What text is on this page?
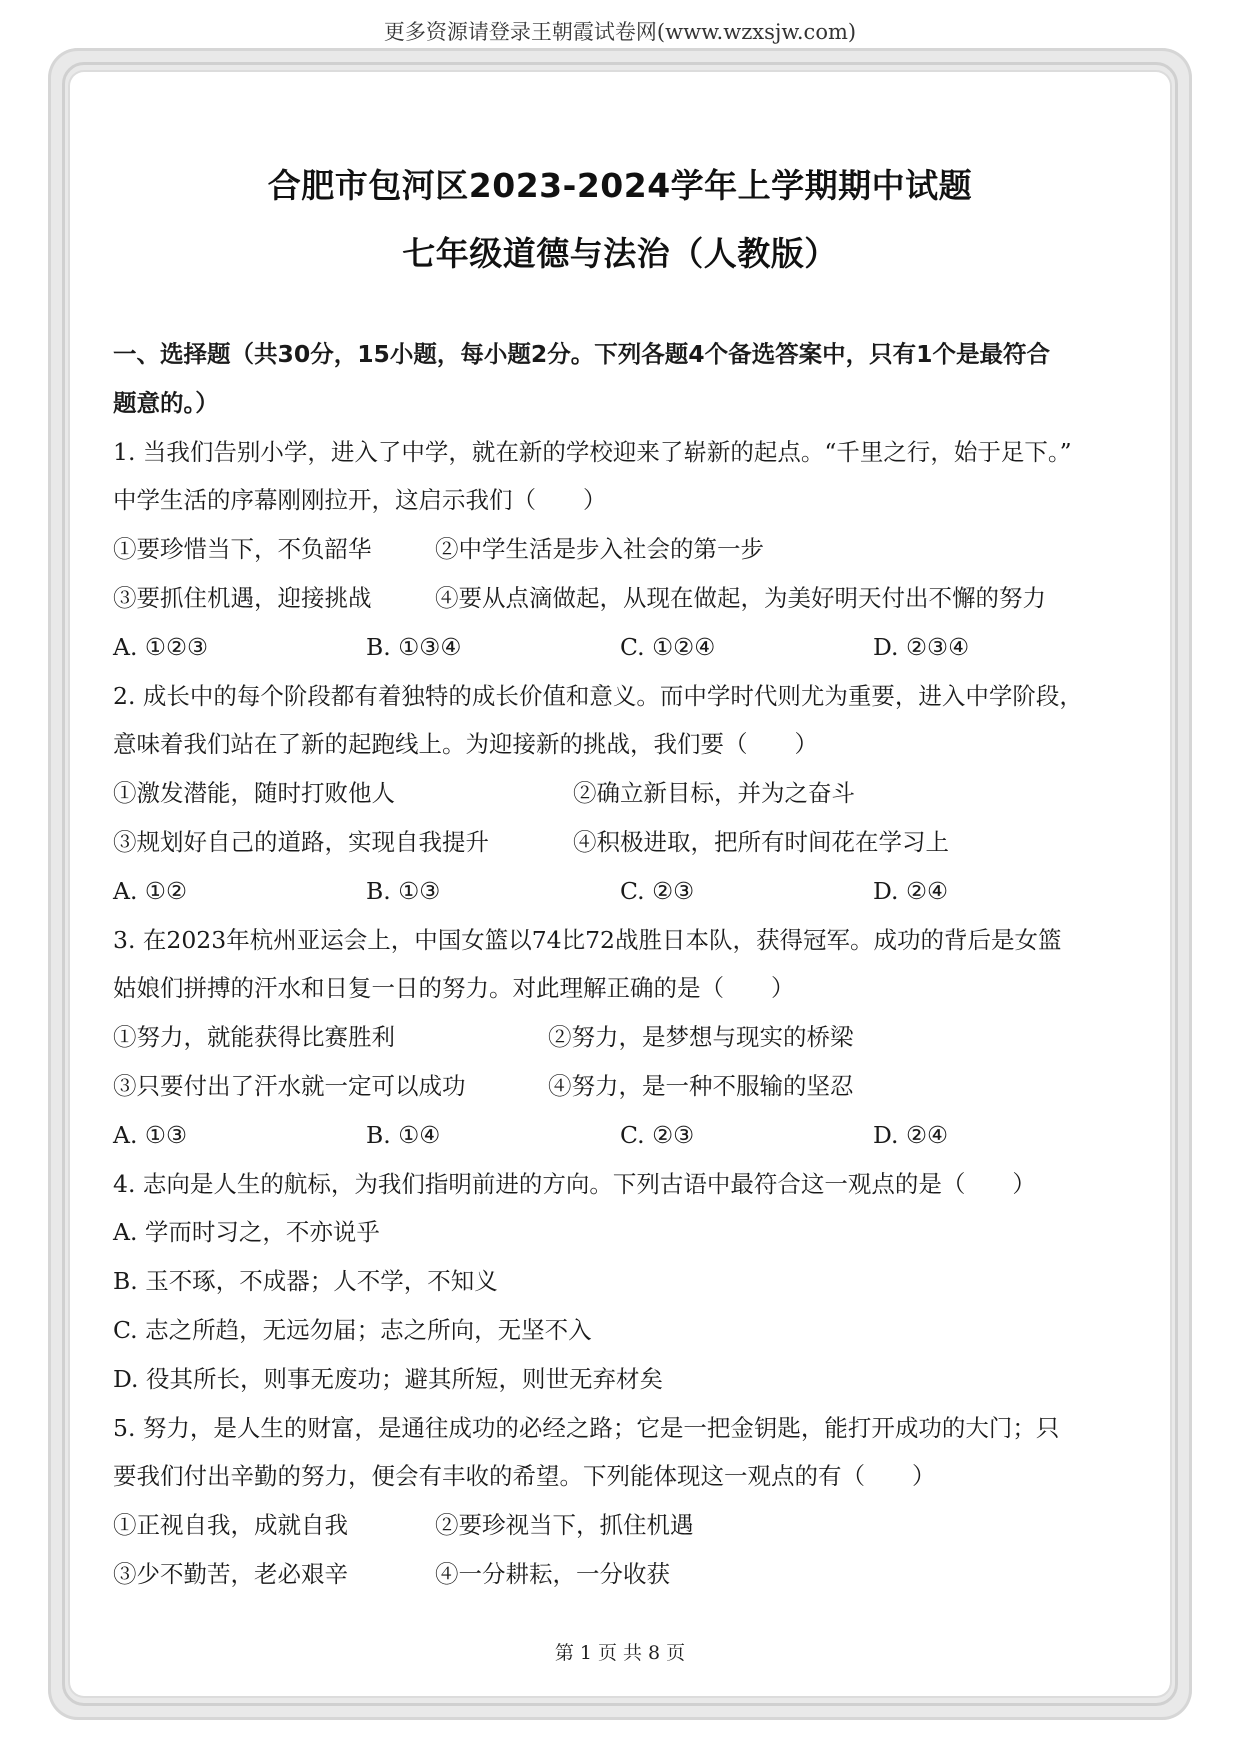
更多资源请登录王朝霞试卷网(www.wzxsjw.com)
合肥市包河区2023-2024学年上学期期中试题
七年级道德与法治（人教版）
一、选择题（共30分，15小题，每小题2分。下列各题4个备选答案中，只有1个是最符合
题意的。）
1. 当我们告别小学，进入了中学，就在新的学校迎来了崭新的起点。“千里之行，始于足下。”
中学生活的序幕刚刚拉开，这启示我们（　　）
①要珍惜当下，不负韶华	②中学生活是步入社会的第一步
③要抓住机遇，迎接挑战	④要从点滴做起，从现在做起，为美好明天付出不懈的努力
A. ①②③	B. ①③④	C. ①②④	D. ②③④
2. 成长中的每个阶段都有着独特的成长价值和意义。而中学时代则尤为重要，进入中学阶段，
意味着我们站在了新的起跑线上。为迎接新的挑战，我们要（　　）
①激发潜能，随时打败他人	②确立新目标，并为之奋斗
③规划好自己的道路，实现自我提升	④积极进取，把所有时间花在学习上
A. ①②	B. ①③	C. ②③	D. ②④
3. 在2023年杭州亚运会上，中国女篮以74比72战胜日本队，获得冠军。成功的背后是女篮
姑娘们拼搏的汗水和日复一日的努力。对此理解正确的是（　　）
①努力，就能获得比赛胜利	②努力，是梦想与现实的桥梁
③只要付出了汗水就一定可以成功	④努力，是一种不服输的坚忍
A. ①③	B. ①④	C. ②③	D. ②④
4. 志向是人生的航标，为我们指明前进的方向。下列古语中最符合这一观点的是（　　）
A. 学而时习之，不亦说乎
B. 玉不琢，不成器；人不学，不知义
C. 志之所趋，无远勿届；志之所向，无坚不入
D. 役其所长，则事无废功；避其所短，则世无弃材矣
5. 努力，是人生的财富，是通往成功的必经之路；它是一把金钥匙，能打开成功的大门；只
要我们付出辛勤的努力，便会有丰收的希望。下列能体现这一观点的有（　　）
①正视自我，成就自我	②要珍视当下，抓住机遇
③少不勤苦，老必艰辛	④一分耕耘，一分收获
第 1 页 共 8 页
